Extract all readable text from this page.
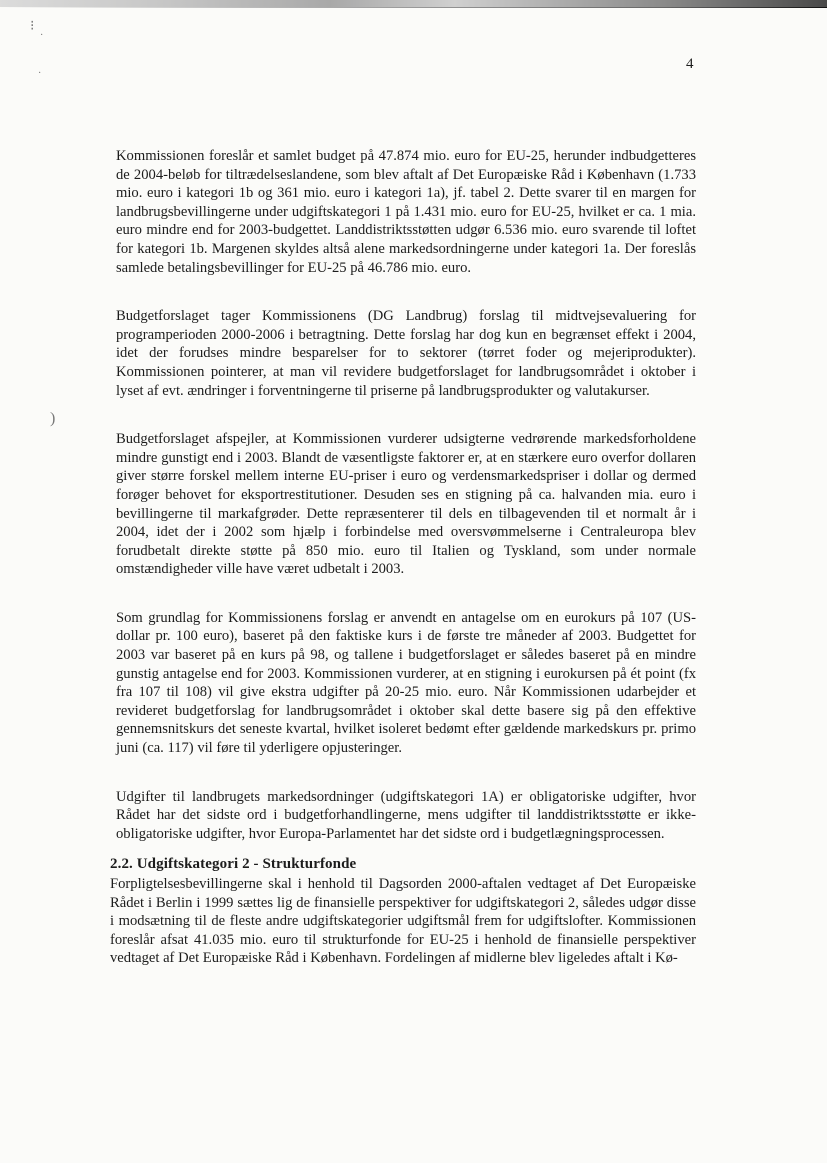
⁝
·
·
)
4

Kommissionen foreslår et samlet budget på 47.874 mio. euro for EU-25, herunder indbudgetteres de 2004-beløb for tiltrædelseslandene, som blev aftalt af Det Europæiske Råd i København (1.733 mio. euro i kategori 1b og 361 mio. euro i kategori 1a), jf. tabel 2. Dette svarer til en margen for landbrugsbevillingerne under udgiftskategori 1 på 1.431 mio. euro for EU-25, hvilket er ca. 1 mia. euro mindre end for 2003-budgettet. Landdistriktsstøtten udgør 6.536 mio. euro svarende til loftet for kategori 1b. Margenen skyldes altså alene markedsordningerne under kategori 1a. Der foreslås samlede betalingsbevillinger for EU-25 på 46.786 mio. euro.

Budgetforslaget tager Kommissionens (DG Landbrug) forslag til midtvejsevaluering for programperioden 2000-2006 i betragtning. Dette forslag har dog kun en begrænset effekt i 2004, idet der forudses mindre besparelser for to sektorer (tørret foder og mejeriprodukter). Kommissionen pointerer, at man vil revidere budgetforslaget for landbrugsområdet i oktober i lyset af evt. ændringer i forventningerne til priserne på landbrugsprodukter og valutakurser.

Budgetforslaget afspejler, at Kommissionen vurderer udsigterne vedrørende markedsforholdene mindre gunstigt end i 2003. Blandt de væsentligste faktorer er, at en stærkere euro overfor dollaren giver større forskel mellem interne EU-priser i euro og verdensmarkedspriser i dollar og dermed forøger behovet for eksportrestitutioner. Desuden ses en stigning på ca. halvanden mia. euro i bevillingerne til markafgrøder. Dette repræsenterer til dels en tilbagevenden til et normalt år i 2004, idet der i 2002 som hjælp i forbindelse med oversvømmelserne i Centraleuropa blev forudbetalt direkte støtte på 850 mio. euro til Italien og Tyskland, som under normale omstændigheder ville have været udbetalt i 2003.

Som grundlag for Kommissionens forslag er anvendt en antagelse om en eurokurs på 107 (US-dollar pr. 100 euro), baseret på den faktiske kurs i de første tre måneder af 2003. Budgettet for 2003 var baseret på en kurs på 98, og tallene i budgetforslaget er således baseret på en mindre gunstig antagelse end for 2003. Kommissionen vurderer, at en stigning i eurokursen på ét point (fx fra 107 til 108) vil give ekstra udgifter på 20-25 mio. euro. Når Kommissionen udarbejder et revideret budgetforslag for landbrugsområdet i oktober skal dette basere sig på den effektive gennemsnitskurs det seneste kvartal, hvilket isoleret bedømt efter gældende markedskurs pr. primo juni (ca. 117) vil føre til yderligere opjusteringer.

Udgifter til landbrugets markedsordninger (udgiftskategori 1A) er obligatoriske udgifter, hvor Rådet har det sidste ord i budgetforhandlingerne, mens udgifter til landdistriktsstøtte er ikke-obligatoriske udgifter, hvor Europa-Parlamentet har det sidste ord i budgetlægningsprocessen.

2.2. Udgiftskategori 2 - Strukturfonde

Forpligtelsesbevillingerne skal i henhold til Dagsorden 2000-aftalen vedtaget af Det Europæiske Rådet i Berlin i 1999 sættes lig de finansielle perspektiver for udgiftskategori 2, således udgør disse i modsætning til de fleste andre udgiftskategorier udgiftsmål frem for udgiftslofter. Kommissionen foreslår afsat 41.035 mio. euro til strukturfonde for EU-25 i henhold de finansielle perspektiver vedtaget af Det Europæiske Råd i København. Fordelingen af midlerne blev ligeledes aftalt i Kø-
